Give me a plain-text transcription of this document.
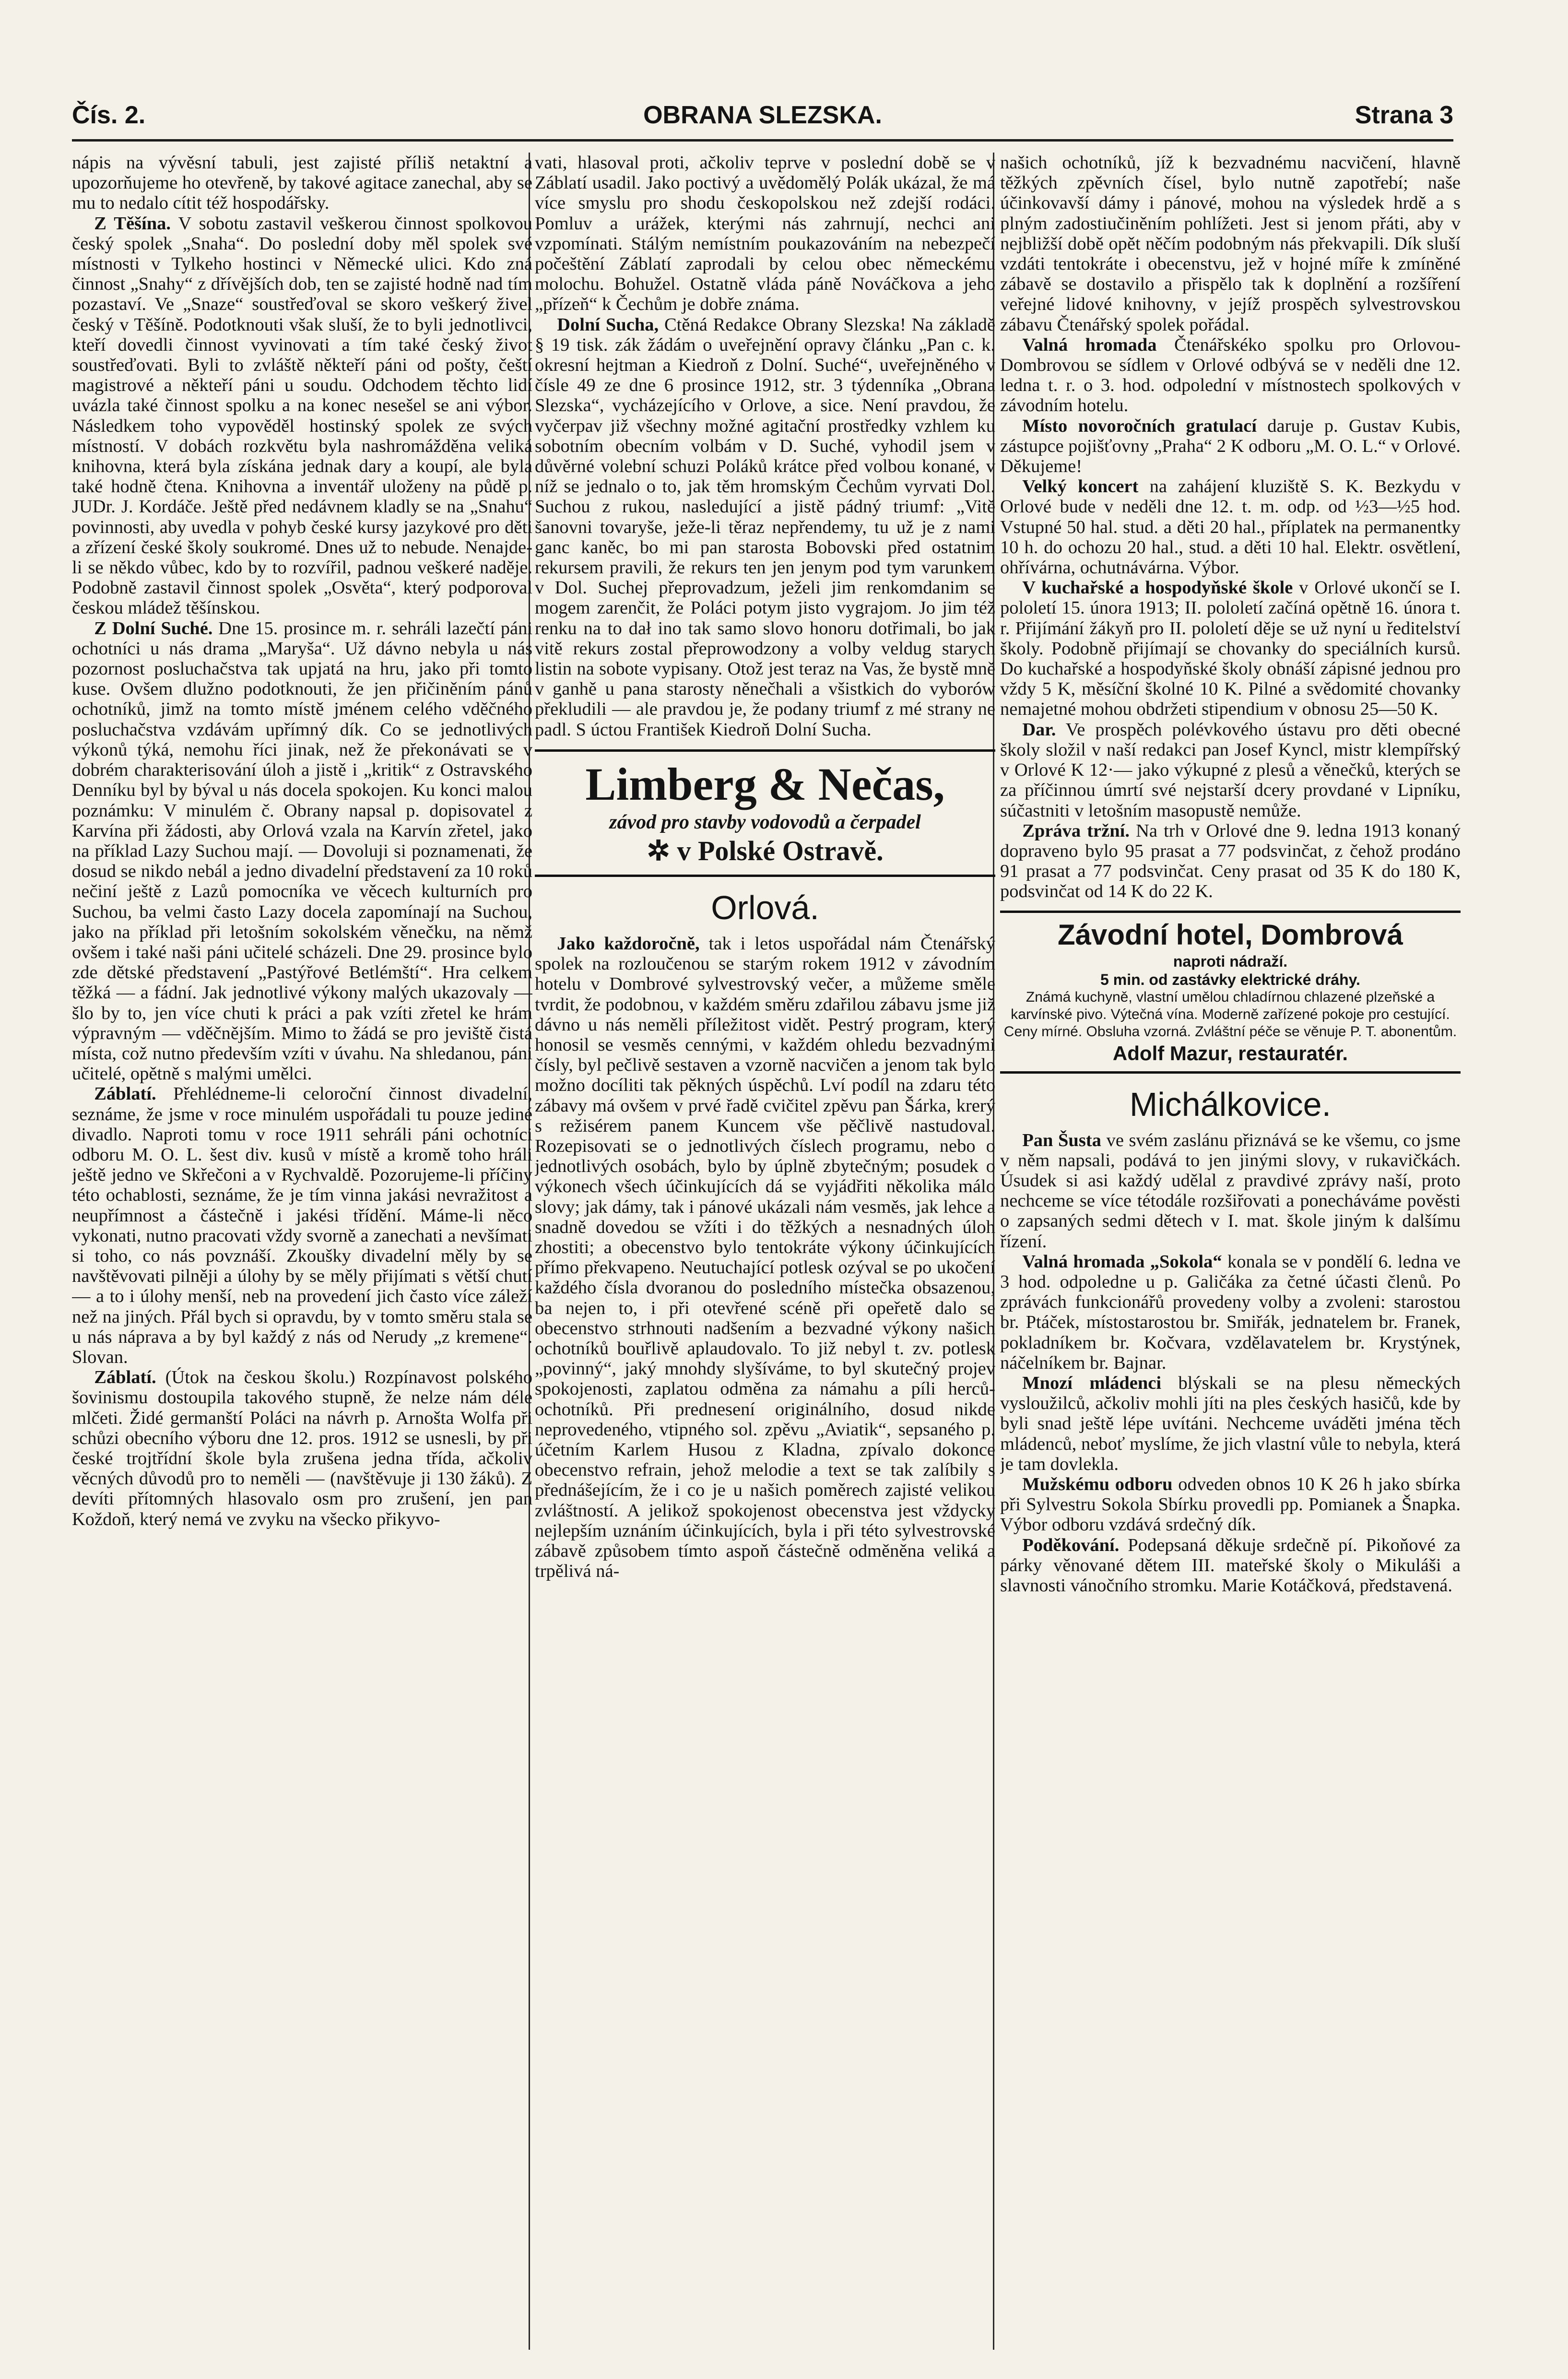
Čís. 2.	OBRANA SLEZSKA.	Strana 3

nápis na vývěsní tabuli, jest zajisté příliš netaktní a upozorňujeme ho otevřeně, by takové agitace zanechal, aby se mu to nedalo cítit též hospodářsky.

Z Těšína. V sobotu zastavil veškerou činnost spolkovou český spolek „Snaha“. Do poslední doby měl spolek své místnosti v Tylkeho hostinci v Německé ulici. Kdo zná činnost „Snahy“ z dřívějších dob, ten se zajisté hodně nad tím pozastaví. Ve „Snaze“ soustřeďoval se skoro veškerý živel český v Těšíně. Podotknouti však sluší, že to byli jednotlivci, kteří dovedli činnost vyvinovati a tím také český život soustřeďovati. Byli to zvláště někteří páni od pošty, čeští magistrové a někteří páni u soudu. Odchodem těchto lidí uvázla také činnost spolku a na konec nesešel se ani výbor. Následkem toho vypověděl hostinský spolek ze svých místností. V dobách rozkvětu byla nashromážděna veliká knihovna, která byla získána jednak dary a koupí, ale byla také hodně čtena. Knihovna a inventář uloženy na půdě p. JUDr. J. Kordáče. Ještě před nedávnem kladly se na „Snahu“ povinnosti, aby uvedla v pohyb české kursy jazykové pro děti a zřízení české školy soukromé. Dnes už to nebude. Nenajde-li se někdo vůbec, kdo by to rozvířil, padnou veškeré naděje. Podobně zastavil činnost spolek „Osvěta“, který podporoval českou mládež těšínskou.

Z Dolní Suché. Dne 15. prosince m. r. sehráli lazečtí páni ochotníci u nás drama „Maryša“. Už dávno nebyla u nás pozornost posluchačstva tak upjatá na hru, jako při tomto kuse. Ovšem dlužno podotknouti, že jen přičiněním pánů ochotníků, jimž na tomto místě jménem celého vděčného posluchačstva vzdávám upřímný dík. Co se jednotlivých výkonů týká, nemohu říci jinak, než že překonávati se v dobrém charakterisování úloh a jistě i „kritik“ z Ostravského Denníku byl by býval u nás docela spokojen. Ku konci malou poznámku: V minulém č. Obrany napsal p. dopisovatel z Karvína při žádosti, aby Orlová vzala na Karvín zřetel, jako na příklad Lazy Suchou mají. — Dovoluji si poznamenati, že dosud se nikdo nebál a jedno divadelní představení za 10 roků nečiní ještě z Lazů pomocníka ve věcech kulturních pro Suchou, ba velmi často Lazy docela zapomínají na Suchou, jako na příklad při letošním sokolském věnečku, na němž ovšem i také naši páni učitelé scházeli. Dne 29. prosince bylo zde dětské představení „Pastýřové Betlémští“. Hra celkem těžká — a fádní. Jak jednotlivé výkony malých ukazovaly — šlo by to, jen více chuti k práci a pak vzíti zřetel ke hrám výpravným — vděčnějším. Mimo to žádá se pro jeviště čistá místa, což nutno především vzíti v úvahu. Na shledanou, páni učitelé, opětně s malými umělci.

Záblatí. Přehlédneme-li celoroční činnost divadelní, seznáme, že jsme v roce minulém uspořádali tu pouze jediné divadlo. Naproti tomu v roce 1911 sehráli páni ochotníci odboru M. O. L. šest div. kusů v místě a kromě toho hráli ještě jedno ve Skřečoni a v Rychvaldě. Pozorujeme-li příčiny této ochablosti, seznáme, že je tím vinna jakási nevražitost a neupřímnost a částečně i jakési třídění. Máme-li něco vykonati, nutno pracovati vždy svorně a zanechati a nevšímati si toho, co nás povznáší. Zkoušky divadelní měly by se navštěvovati pilněji a úlohy by se měly přijímati s větší chutí — a to i úlohy menší, neb na provedení jich často více záleží než na jiných. Přál bych si opravdu, by v tomto směru stala se u nás náprava a by byl každý z nás od Nerudy „z kremene“. Slovan.

Záblatí. (Útok na českou školu.) Rozpínavost polského šovinismu dostoupila takového stupně, že nelze nám déle mlčeti. Židé germanští Poláci na návrh p. Arnošta Wolfa při schůzi obecního výboru dne 12. pros. 1912 se usnesli, by při české trojtřídní škole byla zrušena jedna třída, ačkoliv věcných důvodů pro to neměli — (navštěvuje ji 130 žáků). Z devíti přítomných hlasovalo osm pro zrušení, jen pan Koždoň, který nemá ve zvyku na všecko přikyvo-

vati, hlasoval proti, ačkoliv teprve v poslední době se v Záblatí usadil. Jako poctivý a uvědomělý Polák ukázal, že má více smyslu pro shodu českopolskou než zdejší rodáci. Pomluv a urážek, kterými nás zahrnují, nechci ani vzpomínati. Stálým nemístním poukazováním na nebezpečí počeštění Záblatí zaprodali by celou obec německému molochu. Bohužel. Ostatně vláda páně Nováčkova a jeho „přízeň“ k Čechům je dobře známa.

Dolní Sucha, Ctěná Redakce Obrany Slezska! Na základě § 19 tisk. zák žádám o uveřejnění opravy článku „Pan c. k. okresní hejtman a Kiedroň z Dolní. Suché“, uveřejněného v čísle 49 ze dne 6 prosince 1912, str. 3 týdenníka „Obrana Slezska“, vycházejícího v Orlove, a sice. Není pravdou, že vyčerpav již všechny možné agitační prostředky vzhlem ku sobotním obecním volbám v D. Suché, vyhodil jsem v důvěrné volební schuzi Poláků krátce před volbou konané, v níž se jednalo o to, jak těm hromským Čechům vyrvati Dol. Suchou z rukou, nasledující a jistě pádný triumf: „Vitě šanovni tovaryše, ježe-li těraz nepřendemy, tu už je z nami ganc kaněc, bo mi pan starosta Bobovski před ostatnim rekursem pravili, že rekurs ten jen jenym pod tym varunkem v Dol. Suchej přeprovadzum, ježeli jim renkomdanim se mogem zarenčit, že Poláci potym jisto vygrajom. Jo jim též renku na to dał ino tak samo slovo honoru dotřimali, bo jak vitě rekurs zostal přeprowodzony a volby veldug starych listin na sobote vypisany. Otož jest teraz na Vas, že bystě mně v ganhě u pana starosty něnečhali a všistkich do vyborów překludili — ale pravdou je, že podany triumf z mé strany ne padl. S úctou František Kiedroň Dolní Sucha.

Limberg & Nečas,
závod pro stavby vodovodů a čerpadel
✲ v Polské Ostravě.
Orlová.

Jako každoročně, tak i letos uspořádal nám Čtenářský spolek na rozloučenou se starým rokem 1912 v závodním hotelu v Dombrové sylvestrovský večer, a můžeme směle tvrdit, že podobnou, v každém směru zdařilou zábavu jsme již dávno u nás neměli příležitost vidět. Pestrý program, který honosil se vesměs cennými, v každém ohledu bezvadnými čísly, byl pečlivě sestaven a vzorně nacvičen a jenom tak bylo možno docíliti tak pěkných úspěchů. Lví podíl na zdaru této zábavy má ovšem v prvé řadě cvičitel zpěvu pan Šárka, krerý s režisérem panem Kuncem vše pěčlivě nastudoval. Rozepisovati se o jednotlivých číslech programu, nebo o jednotlivých osobách, bylo by úplně zbytečným; posudek o výkonech všech účinkujících dá se vyjádřiti několika málo slovy; jak dámy, tak i pánové ukázali nám vesměs, jak lehce a snadně dovedou se vžíti i do těžkých a nesnadných úloh zhostiti; a obecenstvo bylo tentokráte výkony účinkujících přímo překvapeno. Neutuchající potlesk ozýval se po ukočení každého čísla dvoranou do posledního místečka obsazenou, ba nejen to, i při otevřené scéně při opeřetě dalo se obecenstvo strhnouti nadšením a bezvadné výkony našich ochotníků bouřlivě aplaudovalo. To již nebyl t. zv. potlesk „povinný“, jaký mnohdy slyšíváme, to byl skutečný projev spokojenosti, zaplatou odměna za námahu a píli herců-ochotníků. Při prednesení originálního, dosud nikde neprovedeného, vtipného sol. zpěvu „Aviatik“, sepsaného p. účetním Karlem Husou z Kladna, zpívalo dokonce obecenstvo refrain, jehož melodie a text se tak zalíbily s přednášejícím, že i co je u našich poměrech zajisté velikou zvláštností. A jelikož spokojenost obecenstva jest vždycky nejlepším uznáním účinkujících, byla i při této sylvestrovské zábavě způsobem tímto aspoň částečně odměněna veliká a trpělivá ná-

našich ochotníků, jíž k bezvadnému nacvičení, hlavně těžkých zpěvních čísel, bylo nutně zapotřebí; naše účinkovavší dámy i pánové, mohou na výsledek hrdě a s plným zadostiučiněním pohlížeti. Jest si jenom přáti, aby v nejbližší době opět něčím podobným nás překvapili. Dík sluší vzdáti tentokráte i obecenstvu, jež v hojné míře k zmíněné zábavě se dostavilo a přispělo tak k doplnění a rozšíření veřejné lidové knihovny, v jejíž prospěch sylvestrovskou zábavu Čtenářský spolek pořádal.

Valná hromada Čtenářskéko spolku pro Orlovou-Dombrovou se sídlem v Orlové odbývá se v neděli dne 12. ledna t. r. o 3. hod. odpolední v místnostech spolkových v závodním hotelu.

Místo novoročních gratulací daruje p. Gustav Kubis, zástupce pojišťovny „Praha“ 2 K odboru „M. O. L.“ v Orlové. Děkujeme!

Velký koncert na zahájení kluziště S. K. Bezkydu v Orlové bude v neděli dne 12. t. m. odp. od ½3—½5 hod. Vstupné 50 hal. stud. a děti 20 hal., příplatek na permanentky 10 h. do ochozu 20 hal., stud. a děti 10 hal. Elektr. osvětlení, ohřívárna, ochutnávárna. Výbor.

V kuchařské a hospodyňské škole v Orlové ukončí se I. pololetí 15. února 1913; II. pololetí začíná opětně 16. února t. r. Přijímání žákyň pro II. pololetí děje se už nyní u ředitelství školy. Podobně přijímají se chovanky do speciálních kursů. Do kuchařské a hospodyňské školy obnáší zápisné jednou pro vždy 5 K, měsíční školné 10 K. Pilné a svědomité chovanky nemajetné mohou obdržeti stipendium v obnosu 25—50 K.

Dar. Ve prospěch polévkového ústavu pro děti obecné školy složil v naší redakci pan Josef Kyncl, mistr klempířský v Orlové K 12·— jako výkupné z plesů a věnečků, kterých se za příčinnou úmrtí své nejstarší dcery provdané v Lipníku, súčastniti v letošním masopustě nemůže.

Zpráva tržní. Na trh v Orlové dne 9. ledna 1913 konaný dopraveno bylo 95 prasat a 77 podsvinčat, z čehož prodáno 91 prasat a 77 podsvinčat. Ceny prasat od 35 K do 180 K, podsvinčat od 14 K do 22 K.

Závodní hotel, Dombrová
naproti nádraží.
5 min. od zastávky elektrické dráhy.
Známá kuchyně, vlastní umělou chladírnou chlazené plzeňské a karvínské pivo. Výtečná vína. Moderně zařízené pokoje pro cestující. Ceny mírné. Obsluha vzorná. Zvláštní péče se věnuje P. T. abonentům.
Adolf Mazur, restauratér.
Michálkovice.

Pan Šusta ve svém zaslánu přiznává se ke všemu, co jsme v něm napsali, podává to jen jinými slovy, v rukavičkách. Úsudek si asi každý udělal z pravdivé zprávy naší, proto nechceme se více tétodále rozšiřovati a ponecháváme pověsti o zapsaných sedmi dětech v I. mat. škole jiným k dalšímu řízení.

Valná hromada „Sokola“ konala se v pondělí 6. ledna ve 3 hod. odpoledne u p. Galičáka za četné účasti členů. Po zprávách funkcionářů provedeny volby a zvoleni: starostou br. Ptáček, místostarostou br. Smiřák, jednatelem br. Franek, pokladníkem br. Kočvara, vzdělavatelem br. Krystýnek, náčelníkem br. Bajnar.

Mnozí mládenci blýskali se na plesu německých vysloužilců, ačkoliv mohli jíti na ples českých hasičů, kde by byli snad ještě lépe uvítáni. Nechceme uváděti jména těch mládenců, neboť myslíme, že jich vlastní vůle to nebyla, která je tam dovlekla.

Mužskému odboru odveden obnos 10 K 26 h jako sbírka při Sylvestru Sokola Sbírku provedli pp. Pomianek a Šnapka. Výbor odboru vzdává srdečný dík.

Poděkování. Podepsaná děkuje srdečně pí. Pikoňové za párky věnované dětem III. mateřské školy o Mikuláši a slavnosti vánočního stromku. Marie Kotáčková, představená.
